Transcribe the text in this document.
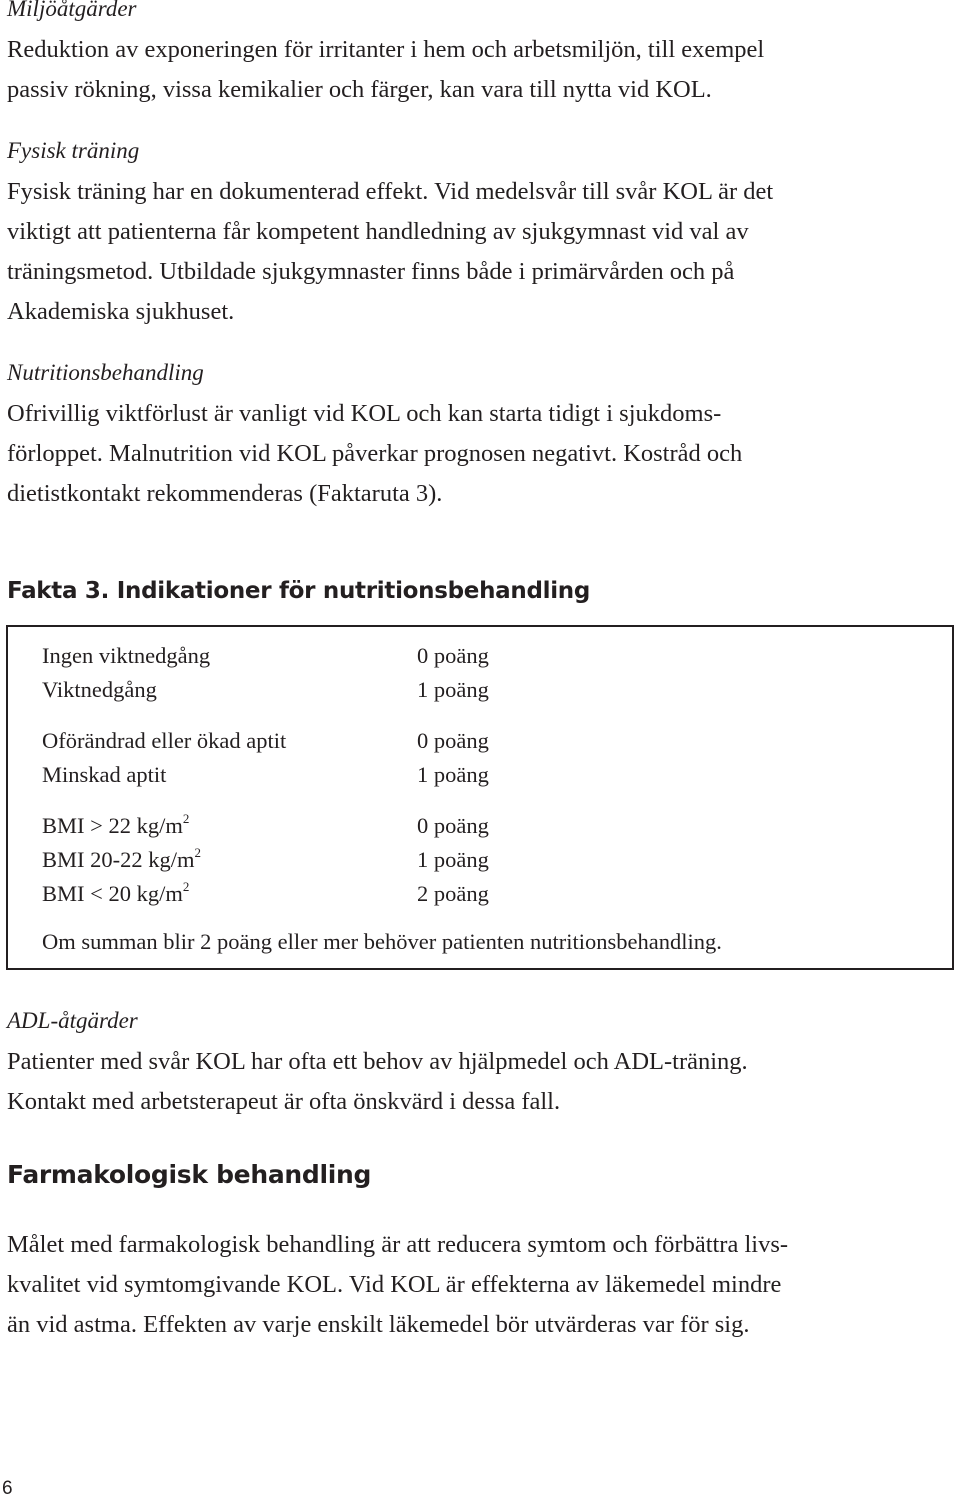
Miljöåtgärder

Reduktion av exponeringen för irritanter i hem och arbetsmiljön, till exempel
passiv rökning, vissa kemikalier och färger, kan vara till nytta vid KOL.

Fysisk träning

Fysisk träning har en dokumenterad effekt. Vid medelsvår till svår KOL är det
viktigt att patienterna får kompetent handledning av sjukgymnast vid val av
träningsmetod. Utbildade sjukgymnaster finns både i primärvården och på
Akademiska sjukhuset.

Nutritionsbehandling

Ofrivillig viktförlust är vanligt vid KOL och kan starta tidigt i sjukdoms-
förloppet. Malnutrition vid KOL påverkar prognosen negativt. Kostråd och
dietistkontakt rekommenderas (Faktaruta 3).

Fakta 3. Indikationer för nutritionsbehandling
Ingen viktnedgång	0 poäng
Viktnedgång	1 poäng
Oförändrad eller ökad aptit	0 poäng
Minskad aptit	1 poäng
BMI > 22 $kg/m^2$	0 poäng
BMI 20-22 $kg/m^2$	1 poäng
BMI < 20 $kg/m^2$	2 poäng
Om summan blir 2 poäng eller mer behöver patienten nutritionsbehandling.
ADL-åtgärder

Patienter med svår KOL har ofta ett behov av hjälpmedel och ADL-träning.
Kontakt med arbetsterapeut är ofta önskvärd i dessa fall.

Farmakologisk behandling

Målet med farmakologisk behandling är att reducera symtom och förbättra livs-
kvalitet vid symtomgivande KOL. Vid KOL är effekterna av läkemedel mindre
än vid astma. Effekten av varje enskilt läkemedel bör utvärderas var för sig.

6
